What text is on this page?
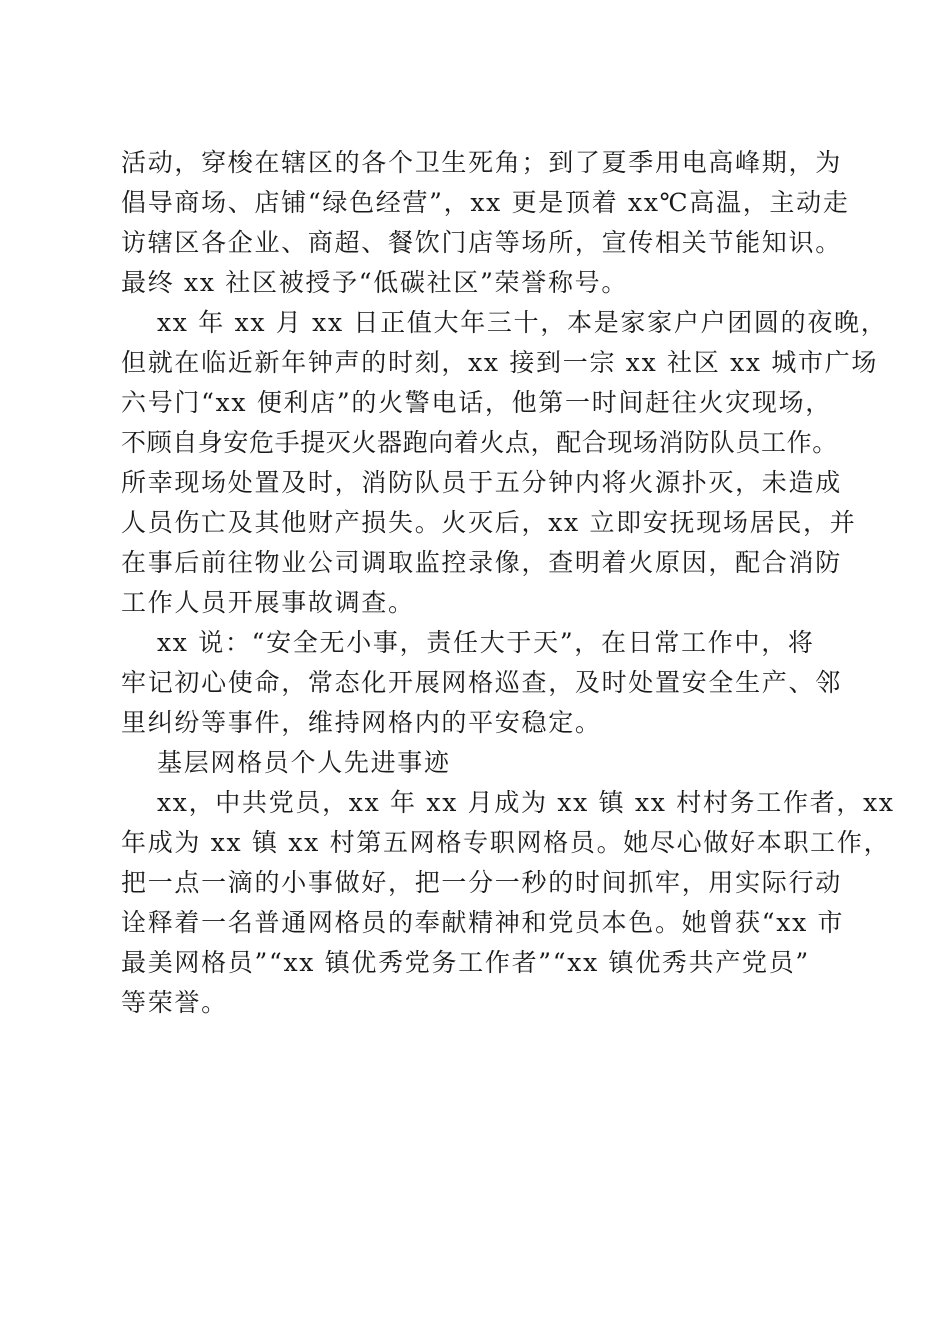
活动，穿梭在辖区的各个卫生死角；到了夏季用电高峰期，为
倡导商场、店铺“绿色经营”，xx 更是顶着 xx℃高温，主动走
访辖区各企业、商超、餐饮门店等场所，宣传相关节能知识。
最终 xx 社区被授予“低碳社区”荣誉称号。
xx 年 xx 月 xx 日正值大年三十，本是家家户户团圆的夜晚，
但就在临近新年钟声的时刻，xx 接到一宗 xx 社区 xx 城市广场
六号门“xx 便利店”的火警电话，他第一时间赶往火灾现场，
不顾自身安危手提灭火器跑向着火点，配合现场消防队员工作。
所幸现场处置及时，消防队员于五分钟内将火源扑灭，未造成
人员伤亡及其他财产损失。火灭后，xx 立即安抚现场居民，并
在事后前往物业公司调取监控录像，查明着火原因，配合消防
工作人员开展事故调查。
xx 说：“安全无小事，责任大于天”，在日常工作中，将
牢记初心使命，常态化开展网格巡查，及时处置安全生产、邻
里纠纷等事件，维持网格内的平安稳定。
基层网格员个人先进事迹
xx，中共党员，xx 年 xx 月成为 xx 镇 xx 村村务工作者，xx
年成为 xx 镇 xx 村第五网格专职网格员。她尽心做好本职工作，
把一点一滴的小事做好，把一分一秒的时间抓牢，用实际行动
诠释着一名普通网格员的奉献精神和党员本色。她曾获“xx 市
最美网格员”“xx 镇优秀党务工作者”“xx 镇优秀共产党员”
等荣誉。
